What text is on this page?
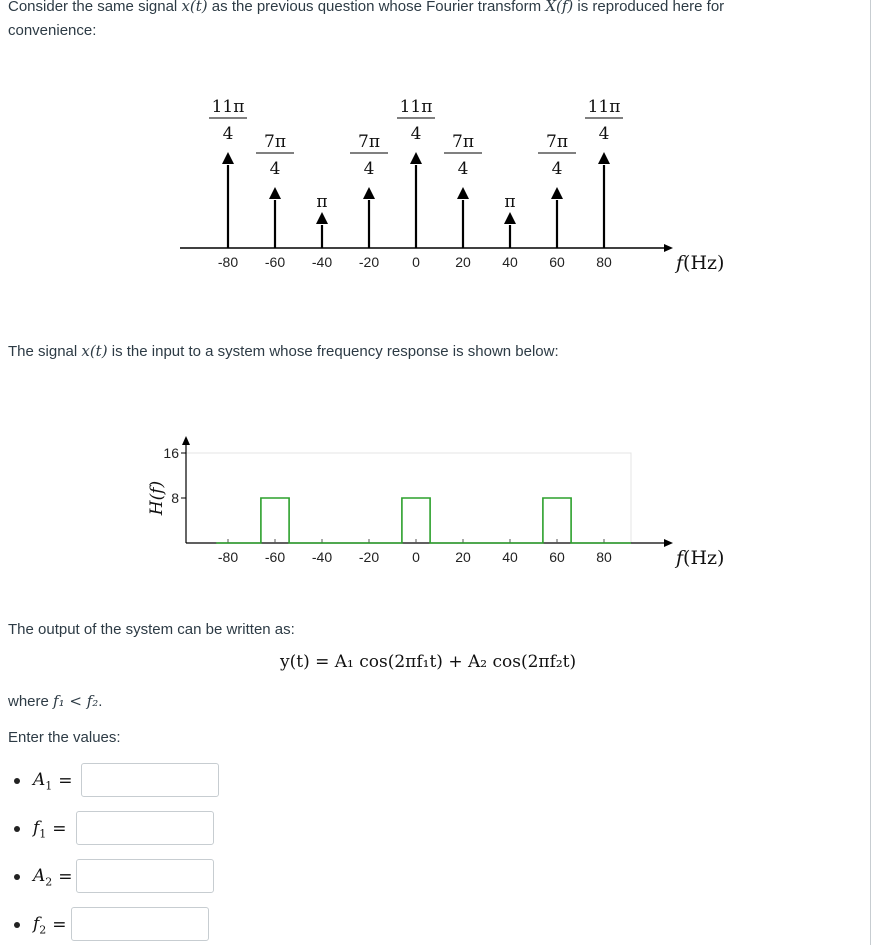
Consider the same signal x(t) as the previous question whose Fourier transform X(f) is reproduced here for convenience:

-80 -60 -40 -20 0	20 40 60 80	f(Hz)
11π
4 7π
4
π
7π
4
11π
4 7π
4
π
7π
4
11π
4

The signal x(t) is the input to a system whose frequency response is shown below:

8
16
-80 -60 -40 -20 0	20 40 60 80
H(f)
f(Hz)

The output of the system can be written as:

y(t) = A₁ cos(2πf₁t) + A₂ cos(2πf₂t)

where f₁ < f₂.

Enter the values:

$A_1$ =
$f_1$ =
$A_2$ =
$f_2$ =
